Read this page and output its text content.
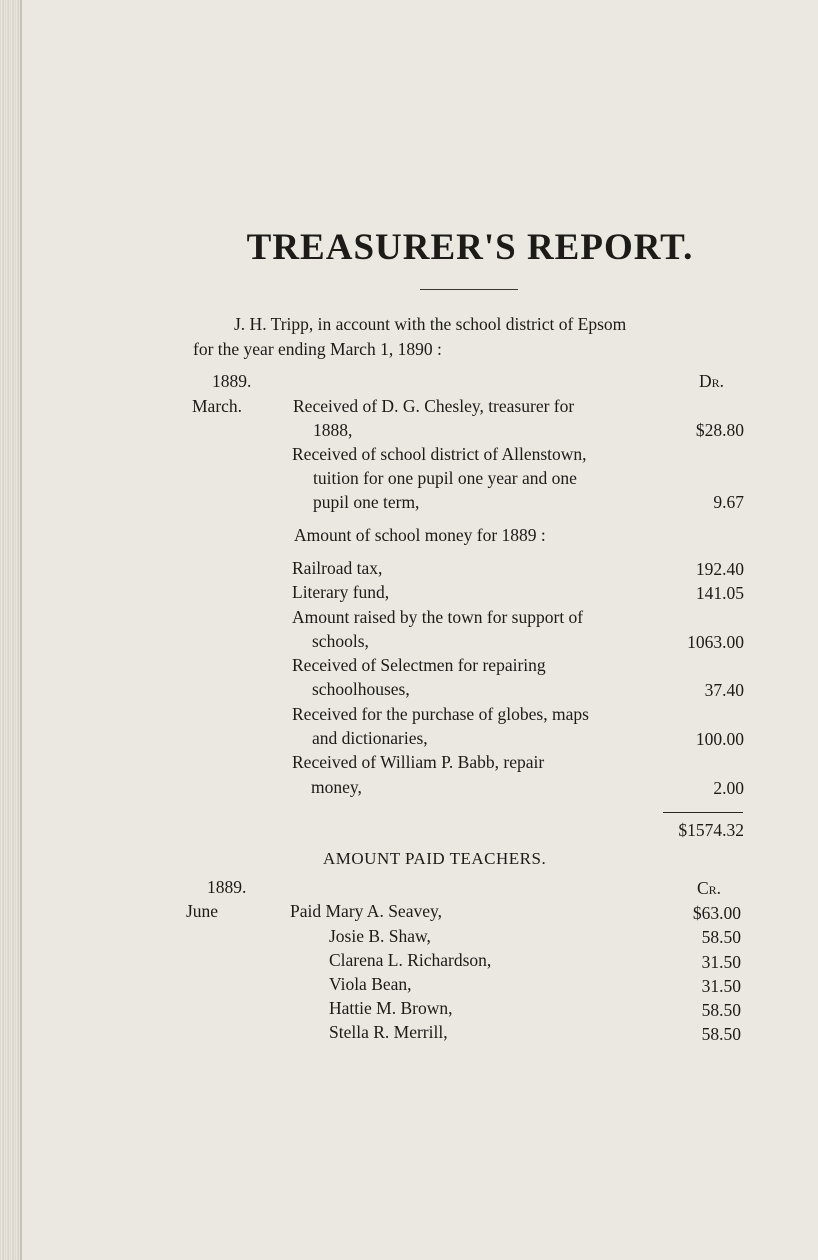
TREASURER'S REPORT.
J. H. Tripp, in account with the school district of Epsom
for the year ending March 1, 1890 :
1889.	Dr.
March.	Received of D. G. Chesley, treasurer for
1888,	$28.80
Received of school district of Allenstown,
tuition for one pupil one year and one
pupil one term,	9.67
Amount of school money for 1889 :
Railroad tax,	192.40
Literary fund,	141.05
Amount raised by the town for support of
schools,	1063.00
Received of Selectmen for repairing
schoolhouses,	37.40
Received for the purchase of globes, maps
and dictionaries,	100.00
Received of William P. Babb, repair
money,	2.00
$1574.32
AMOUNT PAID TEACHERS.
1889.	Cr.
June	Paid Mary A. Seavey,	$63.00
Josie B. Shaw,	58.50
Clarena L. Richardson,	31.50
Viola Bean,	31.50
Hattie M. Brown,	58.50
Stella R. Merrill,	58.50
